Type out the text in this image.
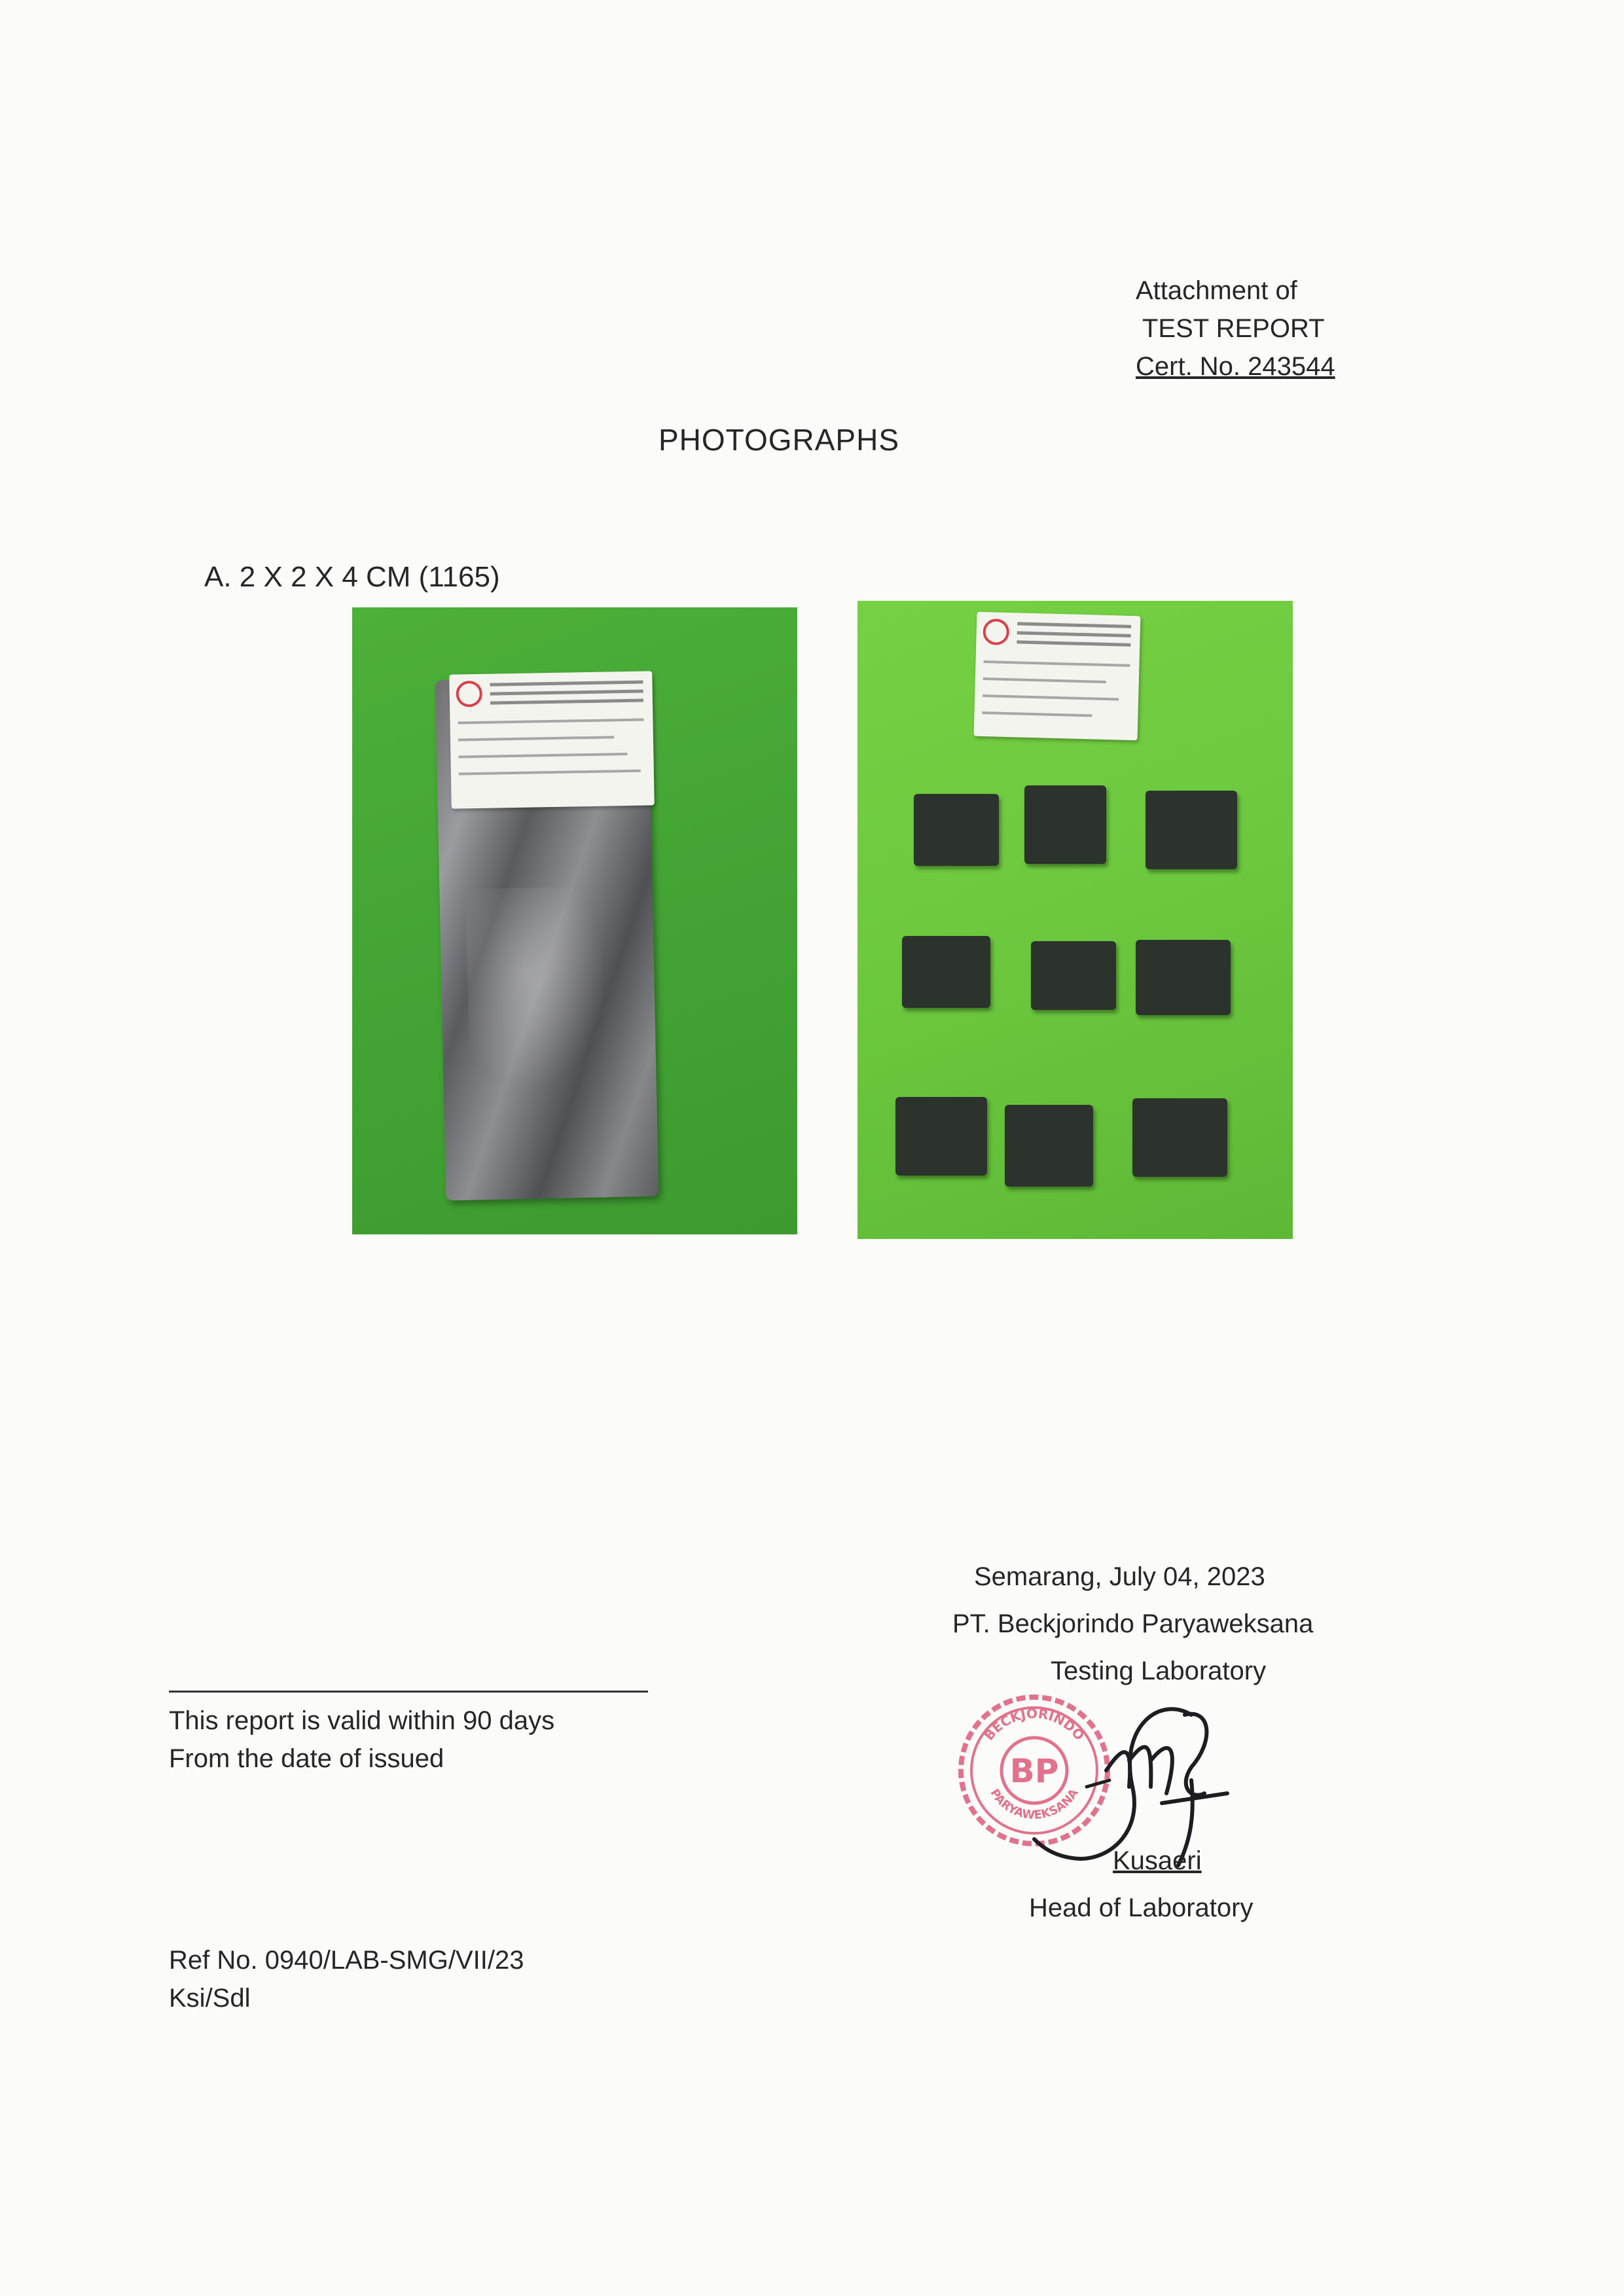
Attachment of
TEST REPORT
Cert. No. 243544
PHOTOGRAPHS
A. 2 X 2 X 4 CM (1165)
This report is valid within 90 days
From the date of issued
Ref No. 0940/LAB-SMG/VII/23
Ksi/Sdl
Semarang, July 04, 2023
PT. Beckjorindo Paryaweksana
Testing Laboratory
BECKJORINDO
PARYAWEKSANA
BP
Kusaeri
Head of Laboratory
